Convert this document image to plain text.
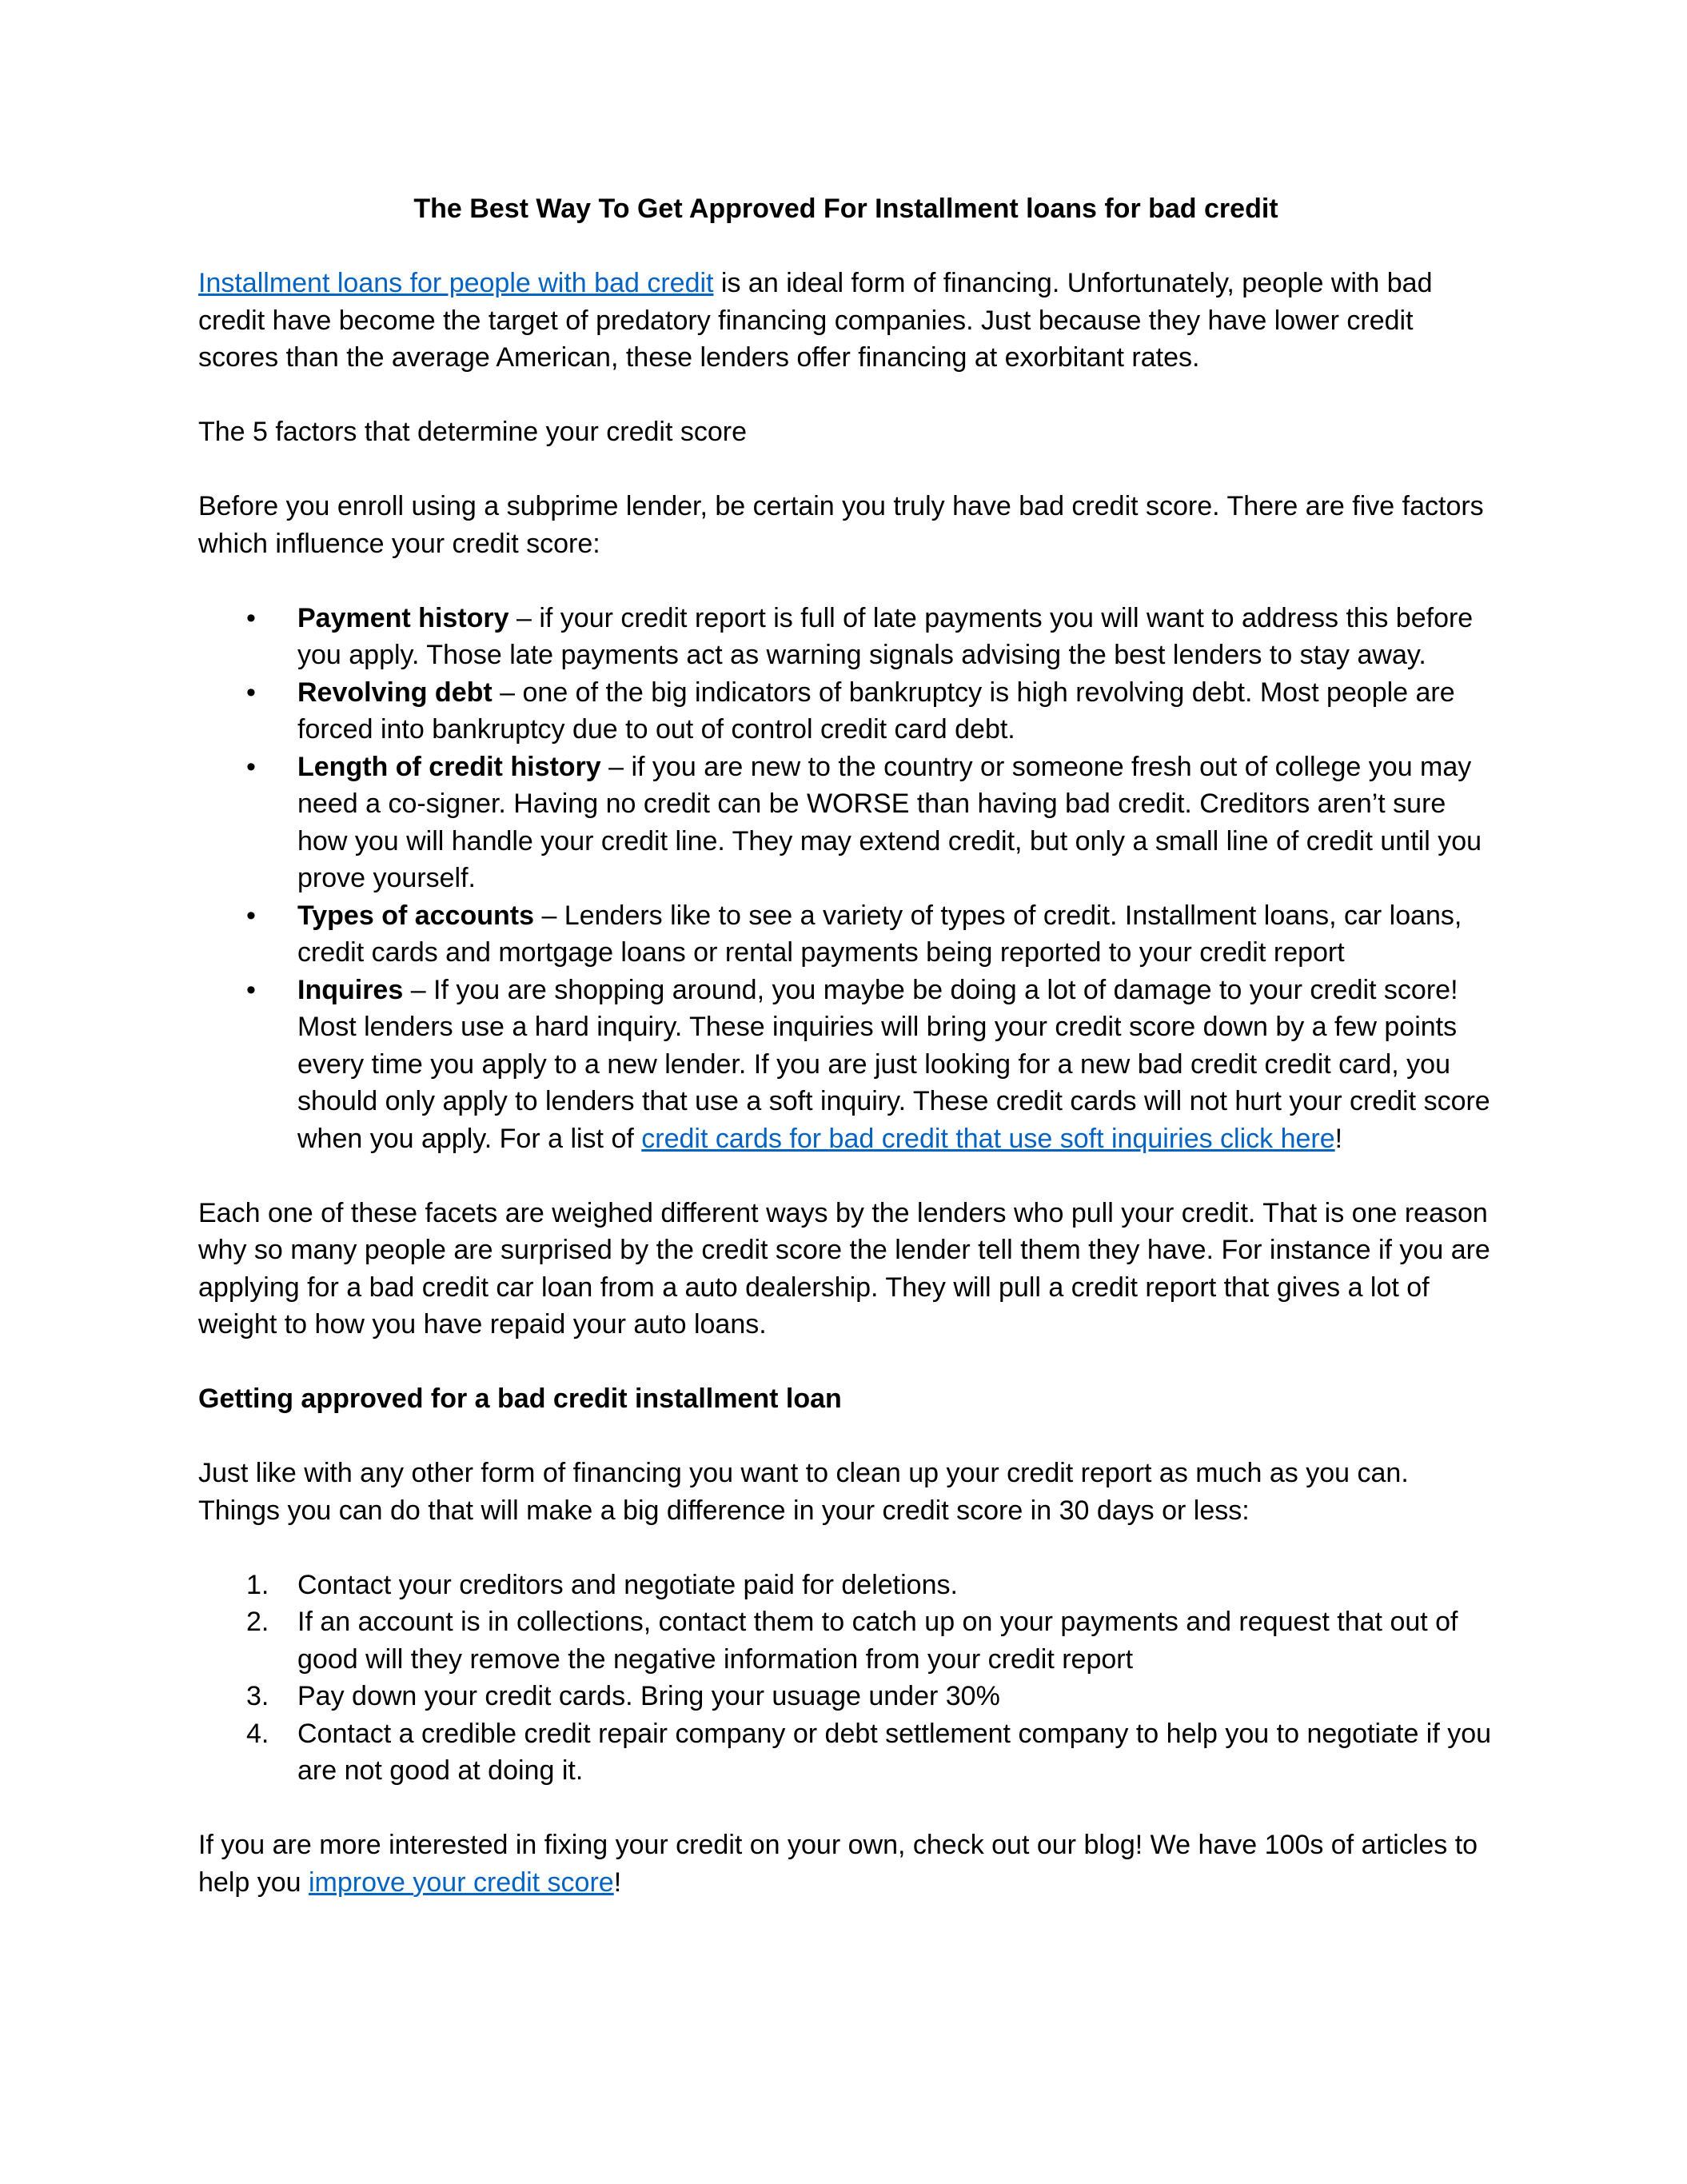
The Best Way To Get Approved For Installment loans for bad credit

Installment loans for people with bad credit is an ideal form of financing. Unfortunately, people with bad credit have become the target of predatory financing companies. Just because they have lower credit scores than the average American, these lenders offer financing at exorbitant rates.

The 5 factors that determine your credit score

Before you enroll using a subprime lender, be certain you truly have bad credit score. There are five factors which influence your credit score:

• Payment history – if your credit report is full of late payments you will want to address this before you apply. Those late payments act as warning signals advising the best lenders to stay away.
• Revolving debt – one of the big indicators of bankruptcy is high revolving debt. Most people are forced into bankruptcy due to out of control credit card debt.
• Length of credit history – if you are new to the country or someone fresh out of college you may need a co-signer. Having no credit can be WORSE than having bad credit. Creditors aren’t sure how you will handle your credit line. They may extend credit, but only a small line of credit until you prove yourself.
• Types of accounts – Lenders like to see a variety of types of credit. Installment loans, car loans, credit cards and mortgage loans or rental payments being reported to your credit report
• Inquires – If you are shopping around, you maybe be doing a lot of damage to your credit score! Most lenders use a hard inquiry. These inquiries will bring your credit score down by a few points every time you apply to a new lender. If you are just looking for a new bad credit credit card, you should only apply to lenders that use a soft inquiry. These credit cards will not hurt your credit score when you apply. For a list of credit cards for bad credit that use soft inquiries click here!

Each one of these facets are weighed different ways by the lenders who pull your credit. That is one reason why so many people are surprised by the credit score the lender tell them they have. For instance if you are applying for a bad credit car loan from a auto dealership. They will pull a credit report that gives a lot of weight to how you have repaid your auto loans.

Getting approved for a bad credit installment loan

Just like with any other form of financing you want to clean up your credit report as much as you can. Things you can do that will make a big difference in your credit score in 30 days or less:

1. Contact your creditors and negotiate paid for deletions.
2. If an account is in collections, contact them to catch up on your payments and request that out of good will they remove the negative information from your credit report
3. Pay down your credit cards. Bring your usuage under 30%
4. Contact a credible credit repair company or debt settlement company to help you to negotiate if you are not good at doing it.

If you are more interested in fixing your credit on your own, check out our blog! We have 100s of articles to help you improve your credit score!
